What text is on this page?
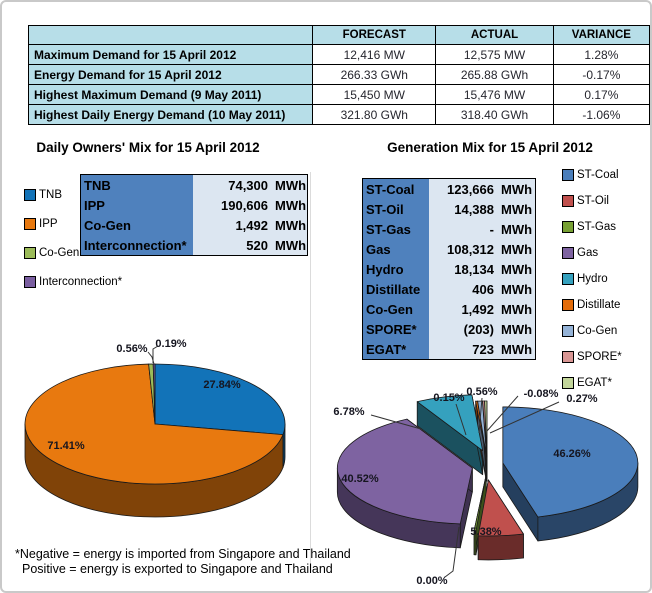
	FORECAST	ACTUAL	VARIANCE
Maximum Demand for 15 April 2012	12,416 MW	12,575 MW	1.28%
Energy Demand for 15 April 2012	266.33 GWh	265.88 GWh	-0.17%
Highest Maximum Demand (9 May 2011)	15,450 MW	15,476 MW	0.17%
Highest Daily Energy Demand (10 May 2011)	321.80 GWh	318.40 GWh	-1.06%
Daily Owners' Mix for 15 April 2012
TNB
IPP
Co-Gen
Interconnection*
TNB	74,300 MWh
IPP	190,606 MWh
Co-Gen	1,492 MWh
Interconnection*	520 MWh
27.84%
71.41%
0.56% 0.19%
Generation Mix for 15 April 2012
ST-Coal	123,666 MWh
ST-Oil	14,388 MWh
ST-Gas	- MWh
Gas	108,312 MWh
Hydro	18,134 MWh
Distillate	406 MWh
Co-Gen	1,492 MWh
SPORE*	(203) MWh
EGAT*	723 MWh
ST-Coal
ST-Oil
ST-Gas
Gas
Hydro
Distillate
Co-Gen
SPORE*
EGAT*
46.26%
5.38%
0.00%
40.52%
6.78%
0.15% 0.56% -0.08% 0.27%
*Negative = energy is imported from Singapore and Thailand
Positive = energy is exported to Singapore and Thailand
